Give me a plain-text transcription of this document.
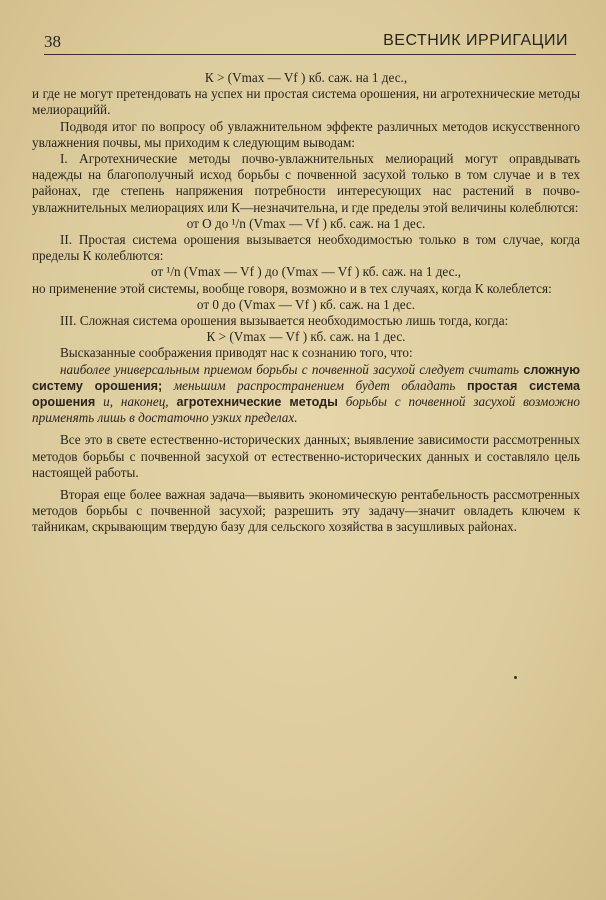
38	ВЕСТНИК ИРРИГАЦИИ

К > (Vmax — Vf ) кб. саж. на 1 дес.,

и где не могут претендовать на успех ни простая система орошения, ни агротехнические методы мелиорацийй.

Подводя итог по вопросу об увлажнительном эффекте различных методов искусственного увлажнения почвы, мы приходим к следующим выводам:

I. Агротехнические методы почво-увлажнительных мелиораций могут оправдывать надежды на благополучный исход борьбы с почвенной засухой только в том случае и в тех районах, где степень напряжения потребности интересующих нас растений в почво-увлажнительных мелиорациях или К—незначительна, и где пределы этой величины колеблются:

от О до ¹/n (Vmax — Vf ) кб. саж. на 1 дес.

II. Простая система орошения вызывается необходимостью только в том случае, когда пределы К колеблются:

от ¹/n (Vmax — Vf ) до (Vmax — Vf ) кб. саж. на 1 дес.,

но применение этой системы, вообще говоря, возможно и в тех случаях, когда К колеблется:

от 0 до (Vmax — Vf ) кб. саж. на 1 дес.

III. Сложная система орошения вызывается необходимостью лишь тогда, когда:

К > (Vmax — Vf ) кб. саж. на 1 дес.

Высказанные соображения приводят нас к сознанию того, что:

наиболее универсальным приемом борьбы с почвенной засухой следует считать сложную систему орошения; меньшим распространением будет обладать простая система орошения и, наконец, агротехнические методы борьбы с почвенной засухой возможно применять лишь в достаточно узких пределах.

Все это в свете естественно-исторических данных; выявление зависимости рассмотренных методов борьбы с почвенной засухой от естественно-исторических данных и составляло цель настоящей работы.

Вторая еще более важная задача—выявить экономическую рентабельность рассмотренных методов борьбы с почвенной засухой; разрешить эту задачу—значит овладеть ключем к тайникам, скрывающим твердую базу для сельского хозяйства в засушливых районах.
